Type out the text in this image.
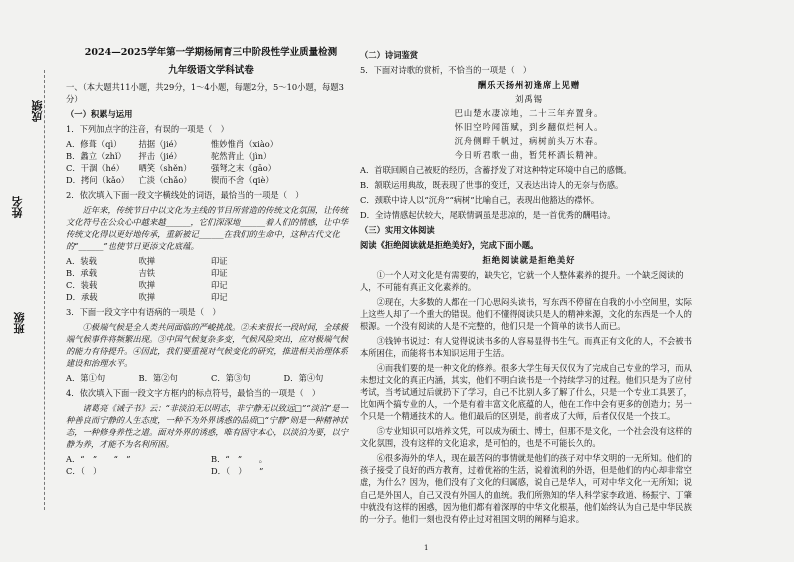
成绩
姓名
班级
2024—2025学年第一学期杨闸育三中阶段性学业质量检测
九年级语文学科试卷
一、（本大题共11小题，共29分，1～4小题，每题2分，5～10小题，每题3分）
（一）积累与运用
1．下列加点字的注音，有误的一项是（　）
A．修葺（qì）	拮据（jié）	惟妙惟肖（xiào）
B．蠡立（zhǐ）	抨击（jié）	驼然背止（jìn）
C．干涸（hé）	哂笑（shěn）	强弩之末（gāo）
D．拷问（kǎo）	亡淡（chǎo）	锲而不舍（qiè）
2．依次填入下面一段文字横线处的词语，最恰当的一项是（　）
近年来，传统节日中以文化为主线的节目所营造的传统文化氛围，让传统文化符号在公众心中越来越______，它们深深地______着人们的情感，让中华传统文化得以更好地传承，重新被记______在我们的生命中，这种古代文化的“______”也使节日更添文化底蕴。
A．装载	吹掸	印证
B．承载	吉铁	印证
C．装载	吹掸	印记
D．承载	吹掸	印记
3．下面一段文字中有语病的一项是（　）
①极端气候是全人类共同面临的严峻挑战。②未来很长一段时间，全球极端气候事件将频繁出现。③中国气候复杂多变，气候风险突出，应对极端气候的能力有待提升。④因此，我们要重视对气候变化的研究，推进相关治理体系建设和治理水平。
A．第①句	B．第②句	C．第③句	D．第④句
4．依次填入下面一段文字方框内的标点符号，最恰当的一项是（　）
诸葛亮《诫子书》云：“非淡泊无以明志，非宁静无以致远□”“淡泊”是一种善良而宁静的人生态度，一种不为外界诱惑的品质□“宁静”则是一种精神状态，一种修身养性之道。面对外界的诱惑，唯有固守本心，以淡泊为要，以宁静为养，才能不为名利所困。
A．“　”　　“　”	B．“　”　　。
C．（　）	D．（　）　　”
（二）诗词鉴赏
5．下面对诗歌的赏析，不恰当的一项是（　）
酬乐天扬州初逢席上见赠
刘禹锡
巴山楚水凄凉地，二十三年弃置身。
怀旧空吟闻笛赋，到乡翻似烂柯人。
沉舟侧畔千帆过，病树前头万木春。
今日听君歌一曲，暂凭杯酒长精神。
A．首联回顾自己被贬的经历，含蓄抒发了对这种特定环境中自己的感慨。
B．颔联运用典故，既表现了世事的变迁，又表达出诗人的无奈与伤感。
C．颈联中诗人以“沉舟”“病树”比喻自己，表现出他豁达的襟怀。
D．全诗情感起伏较大，尾联情调虽是悲凉的，是一首优秀的酬唱诗。
（三）实用文体阅读
阅读《拒绝阅读就是拒绝美好》，完成下面小题。
拒绝阅读就是拒绝美好
①一个人对文化是有需要的，缺失它，它就一个人整体素养的提升。一个缺乏阅读的人，不可能有真正文化素养的。
②现在，大多数的人都在一门心思闷头读书，写东西不停留在自我的小小空间里，实际上这些人却了一个重大的错误。他们不懂得阅读只是人的精神来源，文化的东西是一个人的根源。一个没有阅读的人是不完整的，他们只是一个简单的读书人而已。
③钱钟书说过：有人觉得说读书多的人容易显得书生气。而真正有文化的人，不会被书本所困住，而能将书本知识运用于生活。
④而我们要的是一种文化的修养。很多大学生每天仅仅为了完成自己专业的学习，而从未想过文化的真正内涵，其实，他们不明白读书是一个持续学习的过程。他们只是为了应付考试，当考试通过后就扔下了学习，自己不比别人多了解了什么，只是一个专业工具罢了，比如两个搞专业的人，一个是有着丰富文化底蕴的人，他在工作中会有更多的创造力；另一个只是一个精通技术的人。他们最后的区别是，前者成了大师，后者仅仅是一个技工。
⑤专业知识可以培养文凭，可以成为硕士、博士，但那不是文化，一个社会没有这样的文化氛围，没有这样的文化追求，是可怕的，也是不可能长久的。
⑥很多海外的华人，现在最苦闷的事情就是他们的孩子对中华文明的一无所知。他们的孩子接受了良好的西方教育，过着优裕的生活，说着流利的外语，但是他们的内心却非常空虚，为什么？因为，他们没有了文化的归属感，说自己是华人，可对中华文化一无所知；说自己是外国人，自己又没有外国人的血统。我们所熟知的华人科学家李政道、杨振宁、丁肇中就没有这样的困惑，因为他们都有着深厚的中华文化根基，他们始终认为自己是中华民族的一分子。他们一刻也没有停止过对祖国文明的阐释与追求。
1
